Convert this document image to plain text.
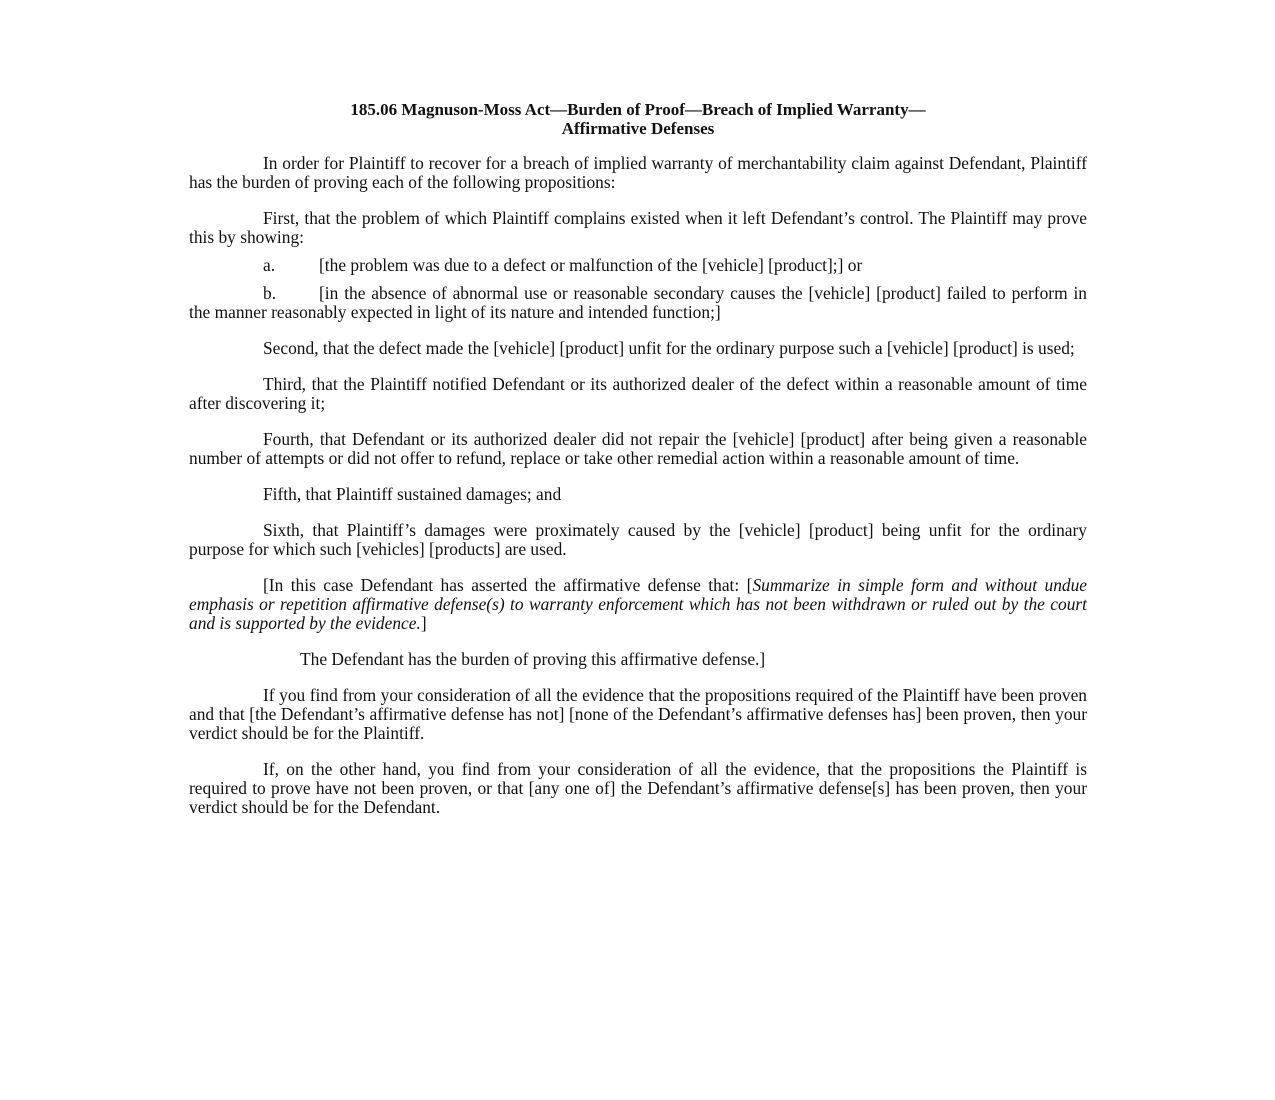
185.06 Magnuson-Moss Act—Burden of Proof—Breach of Implied Warranty—
Affirmative Defenses

In order for Plaintiff to recover for a breach of implied warranty of merchantability claim against Defendant, Plaintiff has the burden of proving each of the following propositions:

First, that the problem of which Plaintiff complains existed when it left Defendant’s control. The Plaintiff may prove this by showing:

a.	[the problem was due to a defect or malfunction of the [vehicle] [product];] or

b. [in the absence of abnormal use or reasonable secondary causes the [vehicle] [product] failed to perform in the manner reasonably expected in light of its nature and intended function;]

Second, that the defect made the [vehicle] [product] unfit for the ordinary purpose such a [vehicle] [product] is used;

Third, that the Plaintiff notified Defendant or its authorized dealer of the defect within a reasonable amount of time after discovering it;

Fourth, that Defendant or its authorized dealer did not repair the [vehicle] [product] after being given a reasonable number of attempts or did not offer to refund, replace or take other remedial action within a reasonable amount of time.

Fifth, that Plaintiff sustained damages; and

Sixth, that Plaintiff’s damages were proximately caused by the [vehicle] [product] being unfit for the ordinary purpose for which such [vehicles] [products] are used.

[In this case Defendant has asserted the affirmative defense that: [Summarize in simple form and without undue emphasis or repetition affirmative defense(s) to warranty enforcement which has not been withdrawn or ruled out by the court and is supported by the evidence.]

The Defendant has the burden of proving this affirmative defense.]

If you find from your consideration of all the evidence that the propositions required of the Plaintiff have been proven and that [the Defendant’s affirmative defense has not] [none of the Defendant’s affirmative defenses has] been proven, then your verdict should be for the Plaintiff.

If, on the other hand, you find from your consideration of all the evidence, that the propositions the Plaintiff is required to prove have not been proven, or that [any one of] the Defendant’s affirmative defense[s] has been proven, then your verdict should be for the Defendant.
